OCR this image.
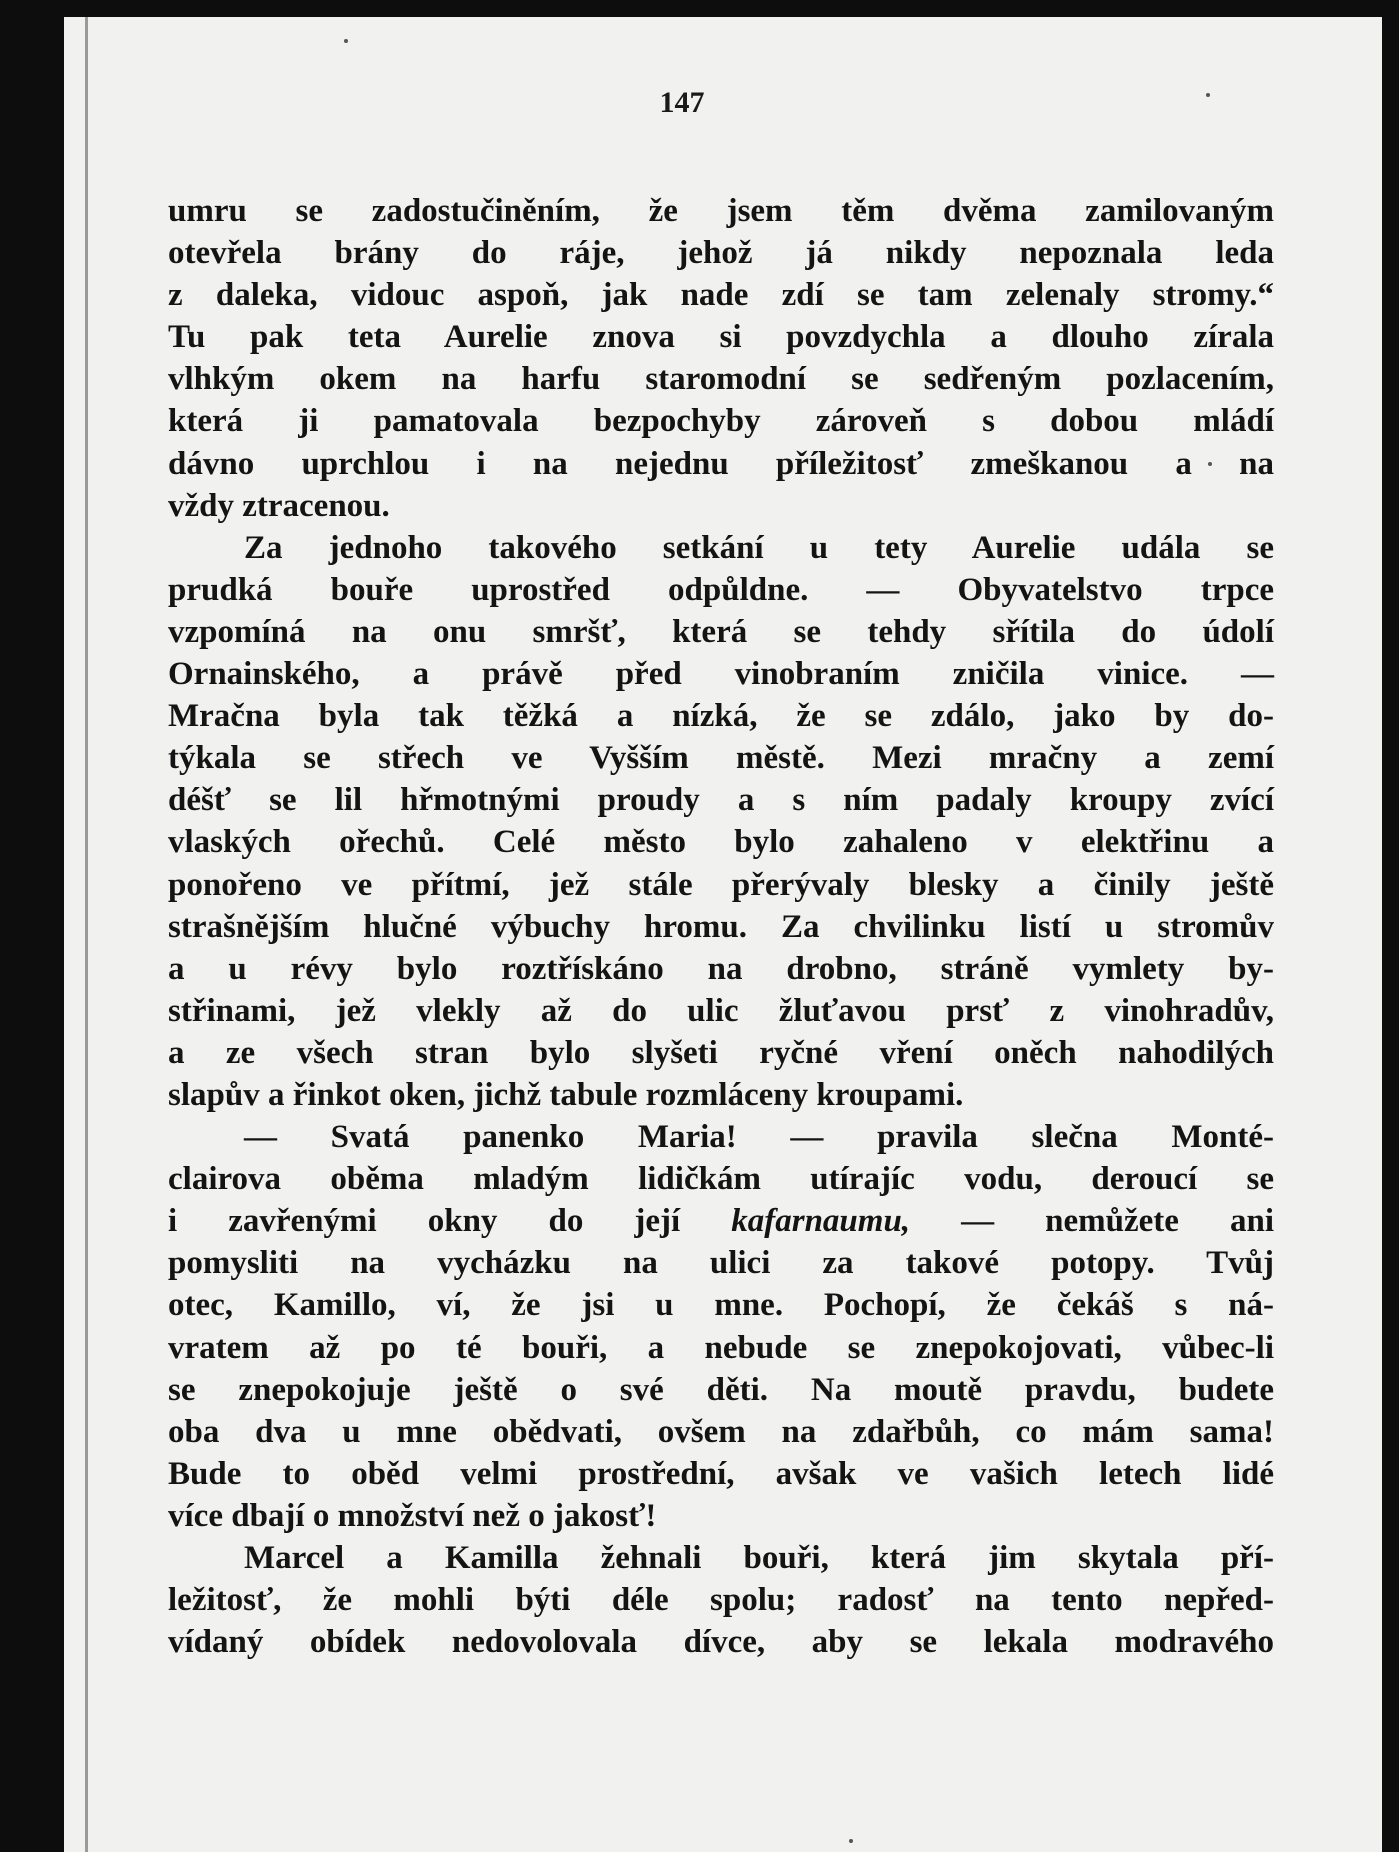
147

umru se zadostučiněním, že jsem těm dvěma zamilovaným
otevřela brány do ráje, jehož já nikdy nepoznala leda
z daleka, vidouc aspoň, jak nade zdí se tam zelenaly stromy.“
Tu pak teta Aurelie znova si povzdychla a dlouho zírala
vlhkým okem na harfu staromodní se sedřeným pozlacením,
která ji pamatovala bezpochyby zároveň s dobou mládí
dávno uprchlou i na nejednu příležitosť zmeškanou a na
vždy ztracenou.
Za jednoho takového setkání u tety Aurelie udála se
prudká bouře uprostřed odpůldne. — Obyvatelstvo trpce
vzpomíná na onu smršť, která se tehdy sřítila do údolí
Ornainského, a právě před vinobraním zničila vinice. —
Mračna byla tak těžká a nízká, že se zdálo, jako by do-
týkala se střech ve Vyšším městě. Mezi mračny a zemí
déšť se lil hřmotnými proudy a s ním padaly kroupy zvící
vlaských ořechů. Celé město bylo zahaleno v elektřinu a
ponořeno ve přítmí, jež stále přerývaly blesky a činily ještě
strašnějším hlučné výbuchy hromu. Za chvilinku listí u stromův
a u révy bylo roztřískáno na drobno, stráně vymlety by-
střinami, jež vlekly až do ulic žluťavou prsť z vinohradův,
a ze všech stran bylo slyšeti ryčné vření oněch nahodilých
slapův a řinkot oken, jichž tabule rozmláceny kroupami.
— Svatá panenko Maria! — pravila slečna Monté-
clairova oběma mladým lidičkám utírajíc vodu, deroucí se
i zavřenými okny do její kafarnaumu, — nemůžete ani
pomysliti na vycházku na ulici za takové potopy. Tvůj
otec, Kamillo, ví, že jsi u mne. Pochopí, že čekáš s ná-
vratem až po té bouři, a nebude se znepokojovati, vůbec-li
se znepokojuje ještě o své děti. Na moutě pravdu, budete
oba dva u mne obědvati, ovšem na zdařbůh, co mám sama!
Bude to oběd velmi prostřední, avšak ve vašich letech lidé
více dbají o množství než o jakosť!
Marcel a Kamilla žehnali bouři, která jim skytala pří-
ležitosť, že mohli býti déle spolu; radosť na tento nepřed-
vídaný obídek nedovolovala dívce, aby se lekala modravého
